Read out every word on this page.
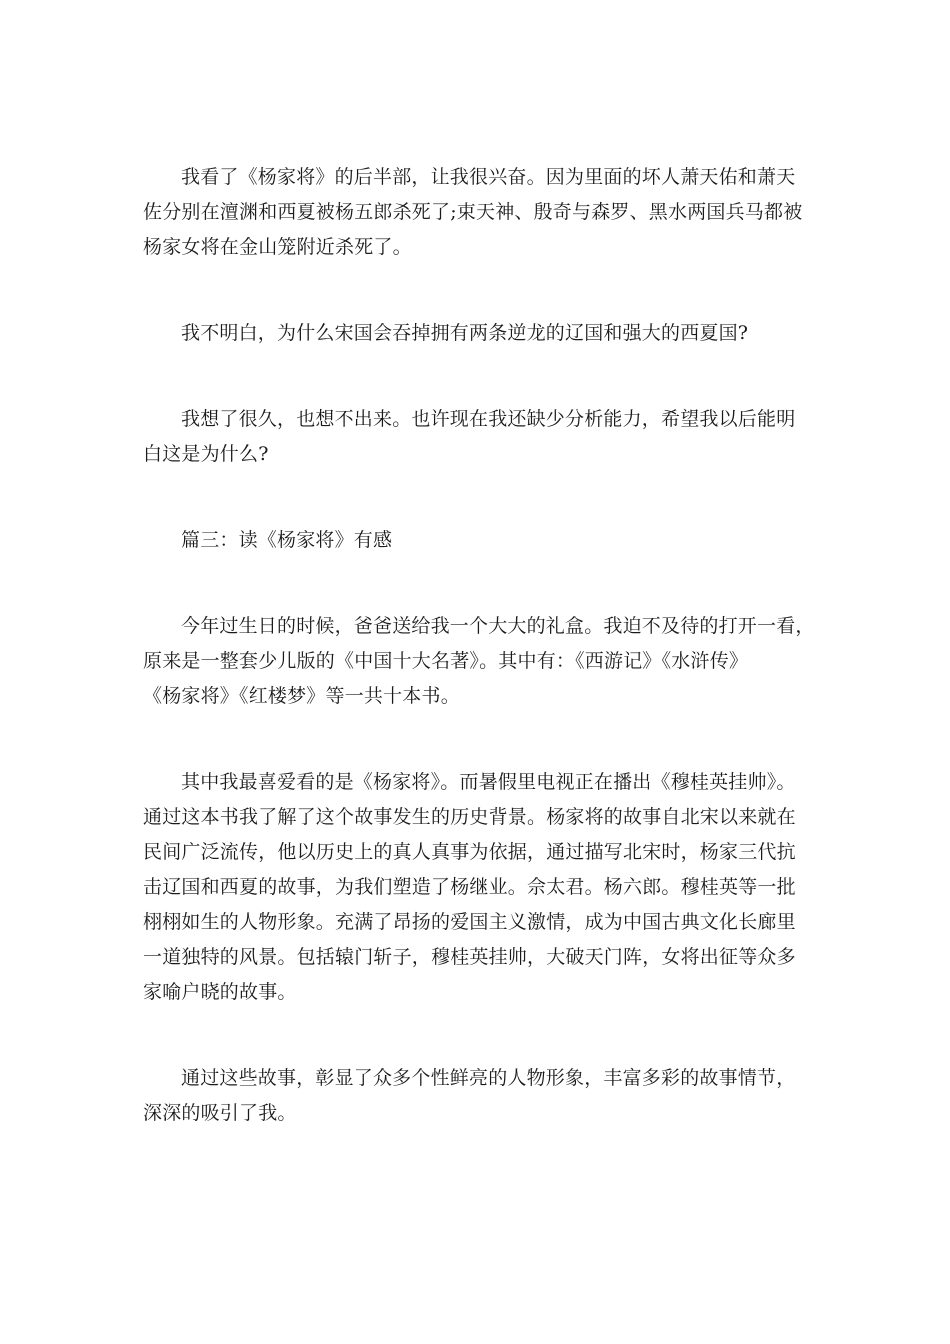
我看了《杨家将》的后半部，让我很兴奋。因为里面的坏人萧天佑和萧天
佐分别在澶渊和西夏被杨五郎杀死了;束天神、殷奇与森罗、黑水两国兵马都被
杨家女将在金山笼附近杀死了。
我不明白，为什么宋国会吞掉拥有两条逆龙的辽国和强大的西夏国?
我想了很久，也想不出来。也许现在我还缺少分析能力，希望我以后能明
白这是为什么?
篇三：读《杨家将》有感
今年过生日的时候，爸爸送给我一个大大的礼盒。我迫不及待的打开一看，
原来是一整套少儿版的《中国十大名著》。其中有：《西游记》《水浒传》
《杨家将》《红楼梦》等一共十本书。
其中我最喜爱看的是《杨家将》。而暑假里电视正在播出《穆桂英挂帅》。
通过这本书我了解了这个故事发生的历史背景。杨家将的故事自北宋以来就在
民间广泛流传，他以历史上的真人真事为依据，通过描写北宋时，杨家三代抗
击辽国和西夏的故事，为我们塑造了杨继业。佘太君。杨六郎。穆桂英等一批
栩栩如生的人物形象。充满了昂扬的爱国主义激情，成为中国古典文化长廊里
一道独特的风景。包括辕门斩子，穆桂英挂帅，大破天门阵，女将出征等众多
家喻户晓的故事。
通过这些故事，彰显了众多个性鲜亮的人物形象，丰富多彩的故事情节，
深深的吸引了我。
